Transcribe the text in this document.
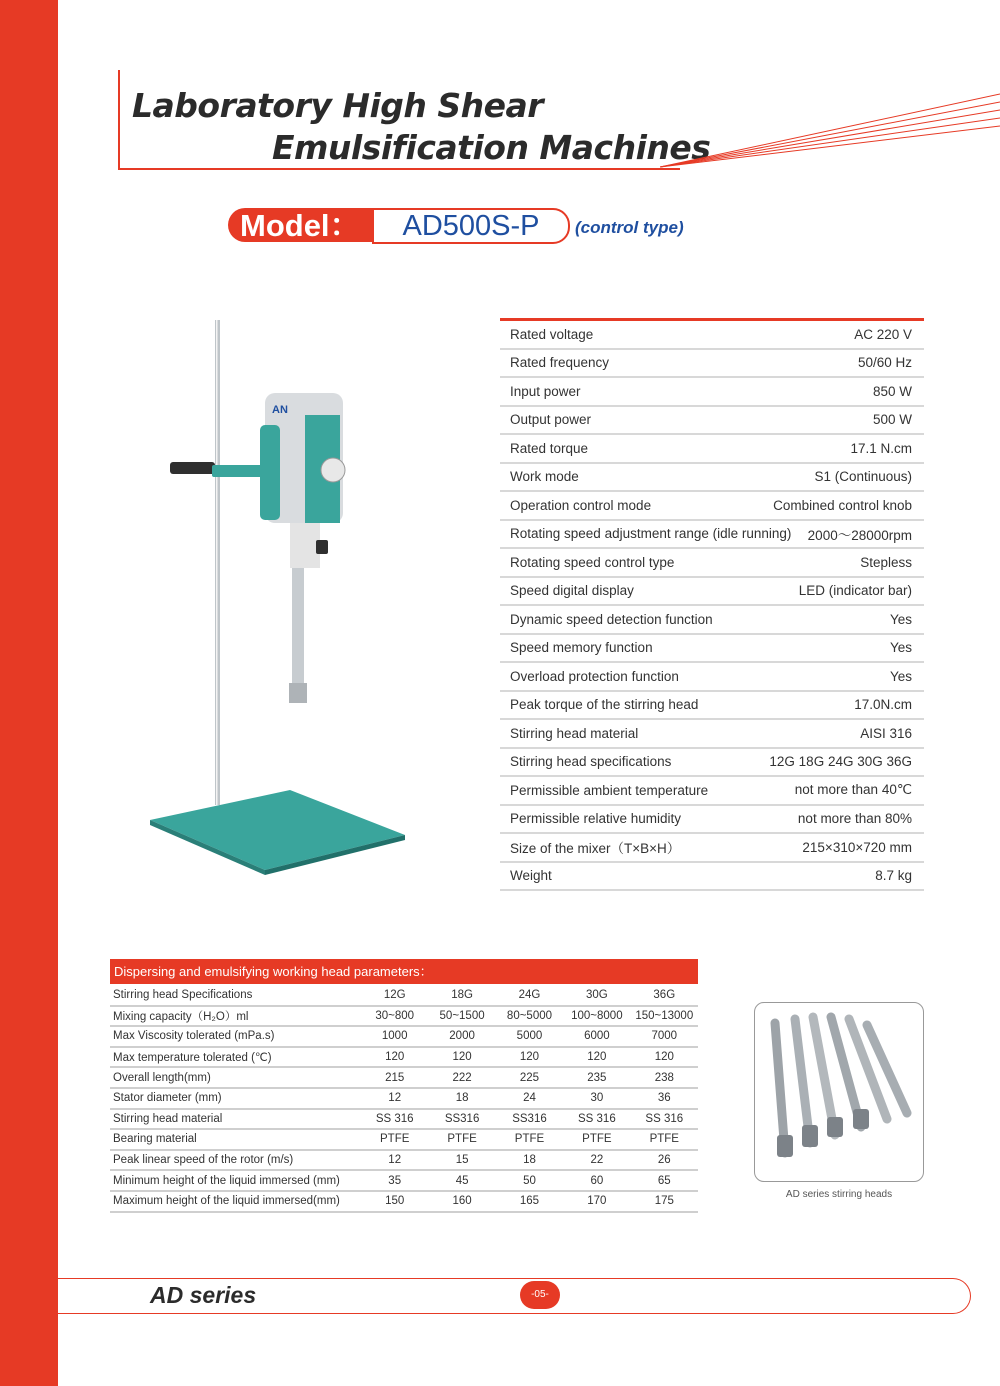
Laboratory High Shear
Emulsification Machines
Model：	AD500S-P	(control type)
AN
Rated voltage	AC 220 V
Rated frequency	50/60 Hz
Input power	850 W
Output power	500 W
Rated torque	17.1 N.cm
Work mode	S1 (Continuous)
Operation control mode	Combined control knob
Rotating speed adjustment range (idle running) 2000～28000rpm
Rotating speed control type	Stepless
Speed digital display	LED (indicator bar)
Dynamic speed detection function	Yes
Speed memory function	Yes
Overload protection function	Yes
Peak torque of the stirring head	17.0N.cm
Stirring head material	AISI 316
Stirring head specifications	12G 18G 24G 30G 36G
Permissible ambient temperature	not more than 40℃
Permissible relative humidity	not more than 80%
Size of the mixer（T×B×H）	215×310×720 mm
Weight	8.7 kg
Dispersing and emulsifying working head parameters：
Stirring head Specifications	12G	18G	24G	30G	36G
Mixing capacity（H₂O）ml	30~800	50~1500	80~5000	100~8000	150~13000
Max Viscosity tolerated (mPa.s)	1000	2000	5000	6000	7000
Max temperature tolerated (℃)	120	120	120	120	120
Overall length(mm)	215	222	225	235	238
Stator diameter (mm)	12	18	24	30	36
Stirring head material	SS 316	SS316	SS316	SS 316	SS 316
Bearing material	PTFE	PTFE	PTFE	PTFE	PTFE
Peak linear speed of the rotor (m/s)	12	15	18	22	26
Minimum height of the liquid immersed (mm)	35	45	50	60	65
Maximum height of the liquid immersed(mm)	150	160	165	170	175
AD series stirring heads
AD series	-05-
